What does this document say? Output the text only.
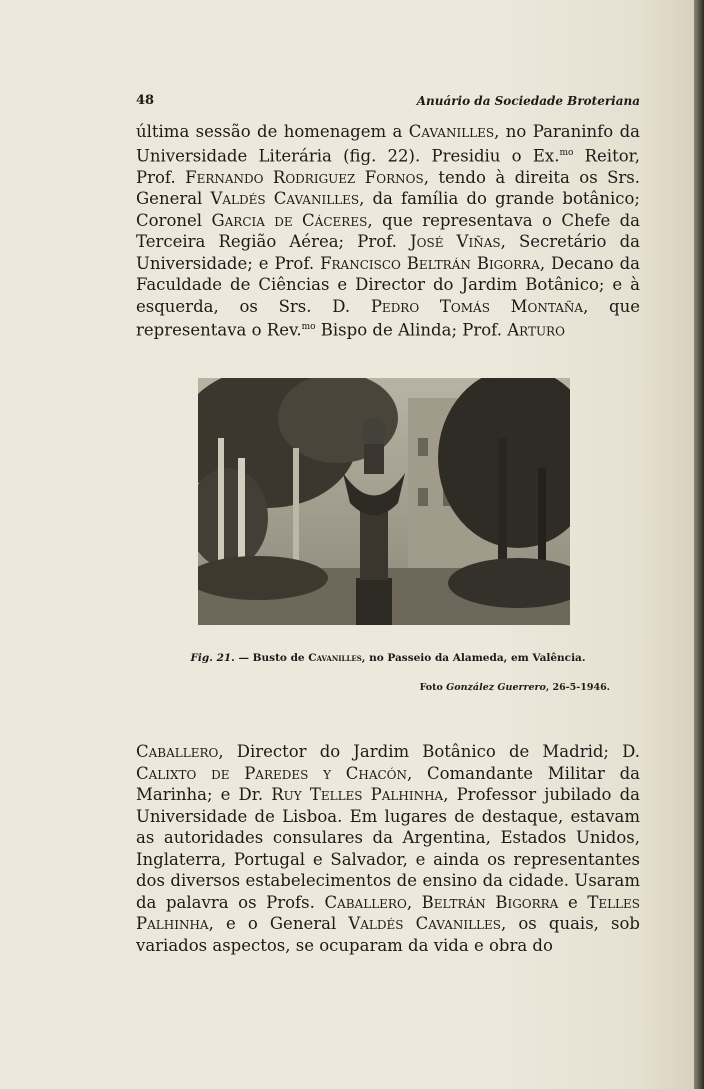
48	Anuário da Sociedade Broteriana
última sessão de homenagem a Cavanilles, no Paraninfo da Universidade Literária (fig. 22). Presidiu o Ex.$^{mo}$ Reitor, Prof. Fernando Rodriguez Fornos, tendo à direita os Srs. General Valdés Cavanilles, da família do grande botânico; Coronel Garcia de Cáceres, que representava o Chefe da Terceira Região Aérea; Prof. José Viñas, Secretário da Universidade; e Prof. Francisco Beltrán Bigorra, Decano da Faculdade de Ciências e Director do Jardim Botânico; e à esquerda, os Srs. D. Pedro Tomás Montaña, que representava o Rev.$^{mo}$ Bispo de Alinda; Prof. Arturo
Fig. 21. — Busto de Cavanilles, no Passeio da Alameda, em Valência.
Foto González Guerrero, 26-5-1946.
Caballero, Director do Jardim Botânico de Madrid; D. Calixto de Paredes y Chacón, Comandante Militar da Marinha; e Dr. Ruy Telles Palhinha, Professor jubilado da Universidade de Lisboa. Em lugares de destaque, estavam as autoridades consulares da Argentina, Estados Unidos, Inglaterra, Portugal e Salvador, e ainda os representantes dos diversos estabelecimentos de ensino da cidade. Usaram da palavra os Profs. Caballero, Beltrán Bigorra e Telles Palhinha, e o General Valdés Cavanilles, os quais, sob variados aspectos, se ocuparam da vida e obra do
